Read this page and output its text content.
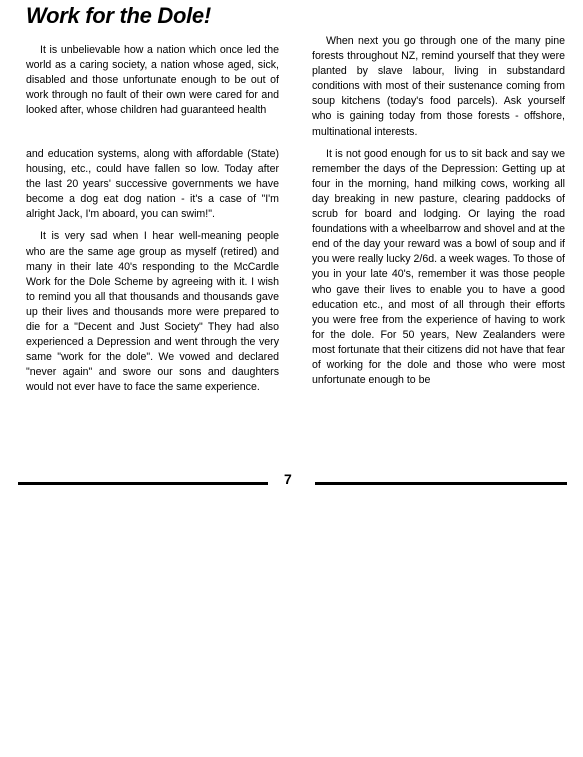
Work for the Dole!

It is unbelievable how a nation which once led the world as a caring society, a nation whose aged, sick, disabled and those unfortunate enough to be out of work through no fault of their own were cared for and looked after, whose children had guaranteed health

and education systems, along with affordable (State) housing, etc., could have fallen so low. Today after the last 20 years' successive governments we have become a dog eat dog nation - it's a case of "I'm alright Jack, I'm aboard, you can swim!".

It is very sad when I hear well-meaning people who are the same age group as myself (retired) and many in their late 40's responding to the McCardle Work for the Dole Scheme by agreeing with it. I wish to remind you all that thousands and thousands gave up their lives and thousands more were prepared to die for a "Decent and Just Society" They had also experienced a Depression and went through the very same "work for the dole". We vowed and declared "never again" and swore our sons and daughters would not ever have to face the same experience.

When next you go through one of the many pine forests throughout NZ, remind yourself that they were planted by slave labour, living in substandard conditions with most of their sustenance coming from soup kitchens (today's food parcels). Ask yourself who is gaining today from those forests - offshore, multinational interests.

It is not good enough for us to sit back and say we remember the days of the Depression: Getting up at four in the morning, hand milking cows, working all day breaking in new pasture, clearing paddocks of scrub for board and lodging. Or laying the road foundations with a wheelbarrow and shovel and at the end of the day your reward was a bowl of soup and if you were really lucky 2/6d. a week wages. To those of you in your late 40's, remember it was those people who gave their lives to enable you to have a good education etc., and most of all through their efforts you were free from the experience of having to work for the dole. For 50 years, New Zealanders were most fortunate that their citizens did not have that fear of working for the dole and those who were most unfortunate enough to be

7
